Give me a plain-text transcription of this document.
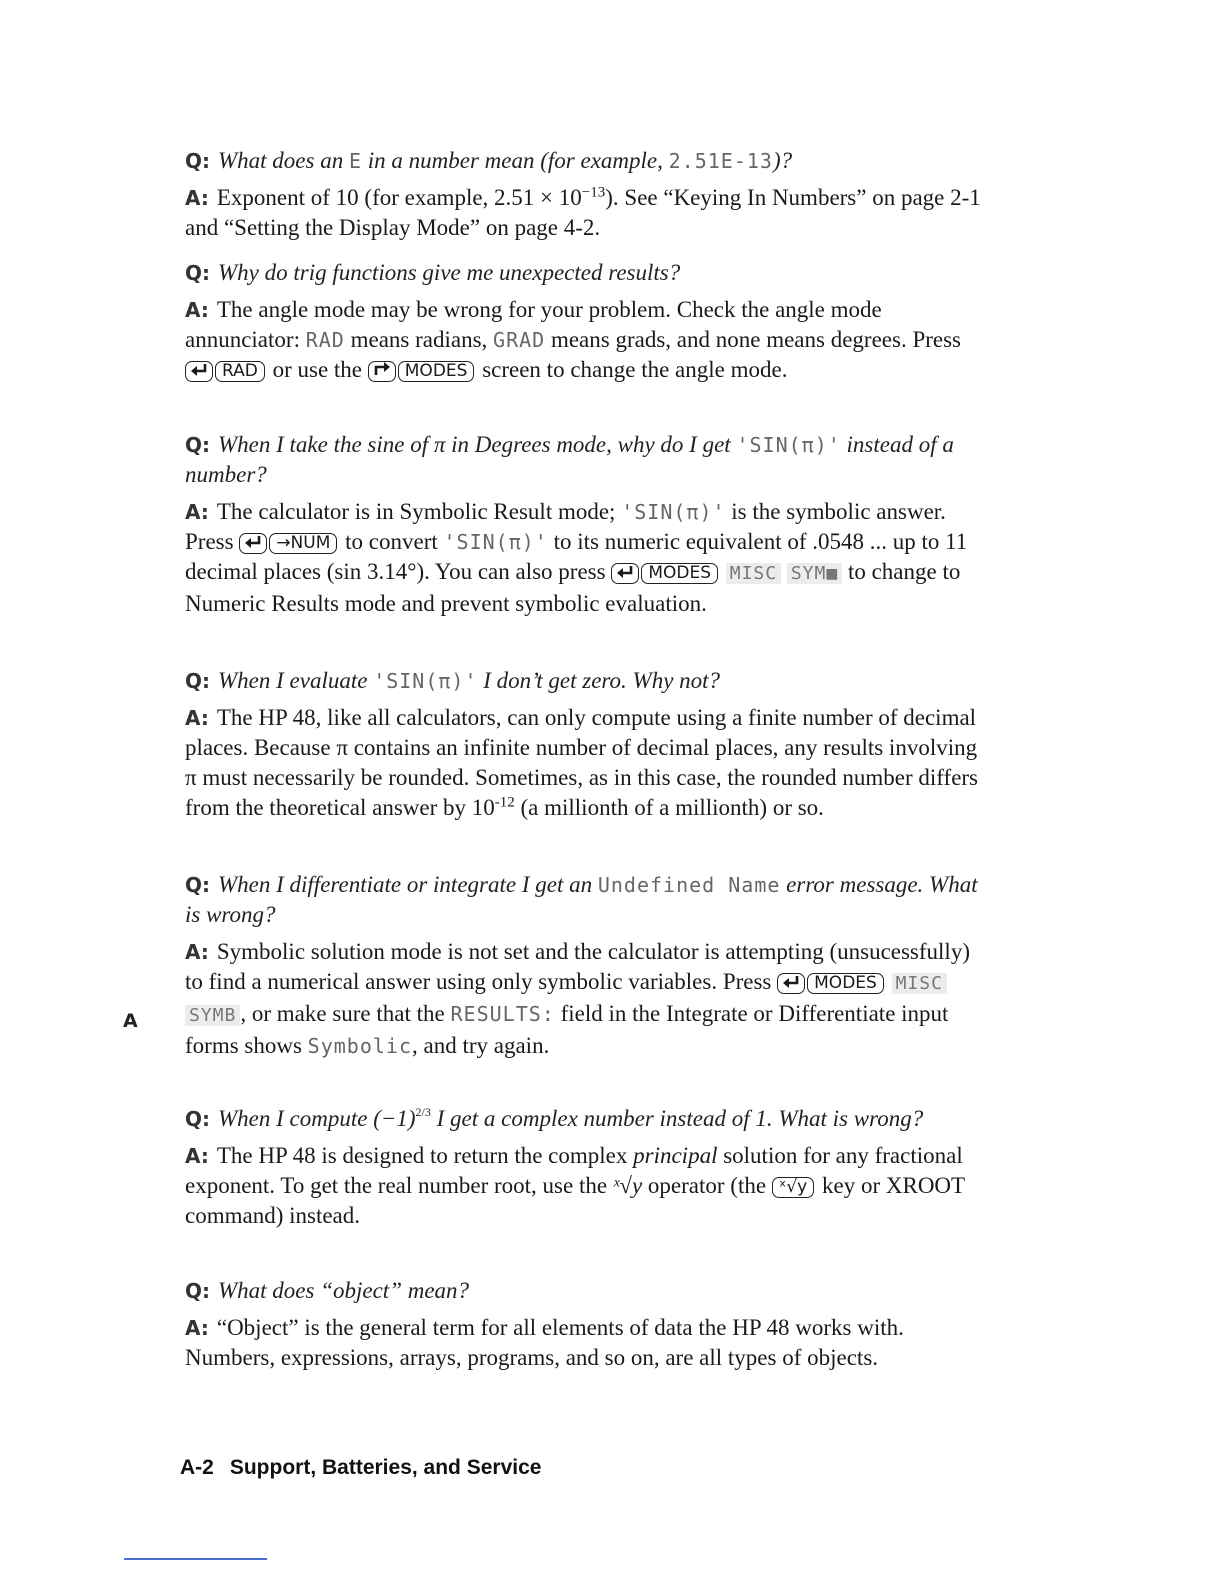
Q: What does an E in a number mean (for example, 2.51E-13)?
A: Exponent of 10 (for example, $2.51 \times 10^{-13}$). See “Keying In Numbers” on page 2-1 and “Setting the Display Mode” on page 4-2.
Q: Why do trig functions give me unexpected results?
A: The angle mode may be wrong for your problem. Check the angle mode annunciator: RAD means radians, GRAD means grads, and none means degrees. Press RAD or use the MODES screen to change the angle mode.
Q: When I take the sine of π in Degrees mode, why do I get 'SIN(π)' instead of a number?
A: The calculator is in Symbolic Result mode; 'SIN(π)' is the symbolic answer. Press →NUM to convert 'SIN(π)' to its numeric equivalent of .0548 ... up to 11 decimal places (sin 3.14°). You can also press MODES MISC SYM■ to change to Numeric Results mode and prevent symbolic evaluation.
Q: When I evaluate 'SIN(π)' I don’t get zero. Why not?
A: The HP 48, like all calculators, can only compute using a finite number of decimal places. Because π contains an infinite number of decimal places, any results involving π must necessarily be rounded. Sometimes, as in this case, the rounded number differs from the theoretical answer by $10^{-12}$ (a millionth of a millionth) or so.
Q: When I differentiate or integrate I get an Undefined Name error message. What is wrong?
A: Symbolic solution mode is not set and the calculator is attempting (unsucessfully) to find a numerical answer using only symbolic variables. Press MODES MISC SYMB , or make sure that the RESULTS: field in the Integrate or Differentiate input forms shows Symbolic, and try again.
Q: When I compute $(-1)^{2/3}$ I get a complex number instead of 1. What is wrong?
A: The HP 48 is designed to return the complex principal solution for any fractional exponent. To get the real number root, use the ˣ√y operator (the ˣ√y key or XROOT command) instead.
Q: What does “object” mean?
A: “Object” is the general term for all elements of data the HP 48 works with. Numbers, expressions, arrays, programs, and so on, are all types of objects.
A
A-2 Support, Batteries, and Service
